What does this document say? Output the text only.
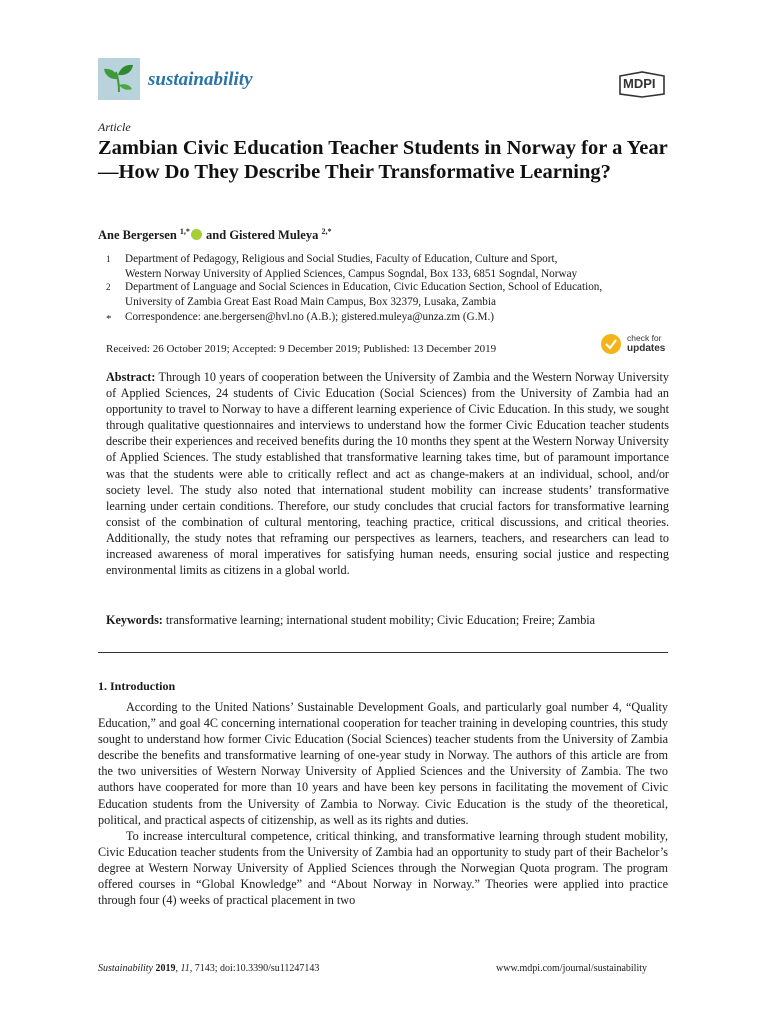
sustainability	MDPI
Article
Zambian Civic Education Teacher Students in Norway for a Year—How Do They Describe Their Transformative Learning?
Ane Bergersen $^{1,*}$ and Gistered Muleya $^{2,*}$
1 Department of Pedagogy, Religious and Social Studies, Faculty of Education, Culture and Sport,
Western Norway University of Applied Sciences, Campus Sogndal, Box 133, 6851 Sogndal, Norway
2 Department of Language and Social Sciences in Education, Civic Education Section, School of Education,
University of Zambia Great East Road Main Campus, Box 32379, Lusaka, Zambia
* Correspondence: ane.bergersen@hvl.no (A.B.); gistered.muleya@unza.zm (G.M.)
Received: 26 October 2019; Accepted: 9 December 2019; Published: 13 December 2019
check for
updates
Abstract: Through 10 years of cooperation between the University of Zambia and the Western Norway University of Applied Sciences, 24 students of Civic Education (Social Sciences) from the University of Zambia had an opportunity to travel to Norway to have a different learning experience of Civic Education. In this study, we sought through qualitative questionnaires and interviews to understand how the former Civic Education teacher students describe their experiences and received benefits during the 10 months they spent at the Western Norway University of Applied Sciences. The study established that transformative learning takes time, but of paramount importance was that the students were able to critically reflect and act as change-makers at an individual, school, and/or society level. The study also noted that international student mobility can increase students’ transformative learning under certain conditions. Therefore, our study concludes that crucial factors for transformative learning consist of the combination of cultural mentoring, teaching practice, critical discussions, and critical theories. Additionally, the study notes that reframing our perspectives as learners, teachers, and researchers can lead to increased awareness of moral imperatives for satisfying human needs, ensuring social justice and respecting environmental limits as citizens in a global world.
Keywords: transformative learning; international student mobility; Civic Education; Freire; Zambia
1. Introduction

According to the United Nations’ Sustainable Development Goals, and particularly goal number 4, “Quality Education,” and goal 4C concerning international cooperation for teacher training in developing countries, this study sought to understand how former Civic Education (Social Sciences) teacher students from the University of Zambia describe the benefits and transformative learning of one-year study in Norway. The authors of this article are from the two universities of Western Norway University of Applied Sciences and the University of Zambia. The two authors have cooperated for more than 10 years and have been key persons in facilitating the movement of Civic Education students from the University of Zambia to Norway. Civic Education is the study of the theoretical, political, and practical aspects of citizenship, as well as its rights and duties.

To increase intercultural competence, critical thinking, and transformative learning through student mobility, Civic Education teacher students from the University of Zambia had an opportunity to study part of their Bachelor’s degree at Western Norway University of Applied Sciences through the Norwegian Quota program. The program offered courses in “Global Knowledge” and “About Norway in Norway.” Theories were applied into practice through four (4) weeks of practical placement in two

Sustainability 2019, 11, 7143; doi:10.3390/su11247143	www.mdpi.com/journal/sustainability
